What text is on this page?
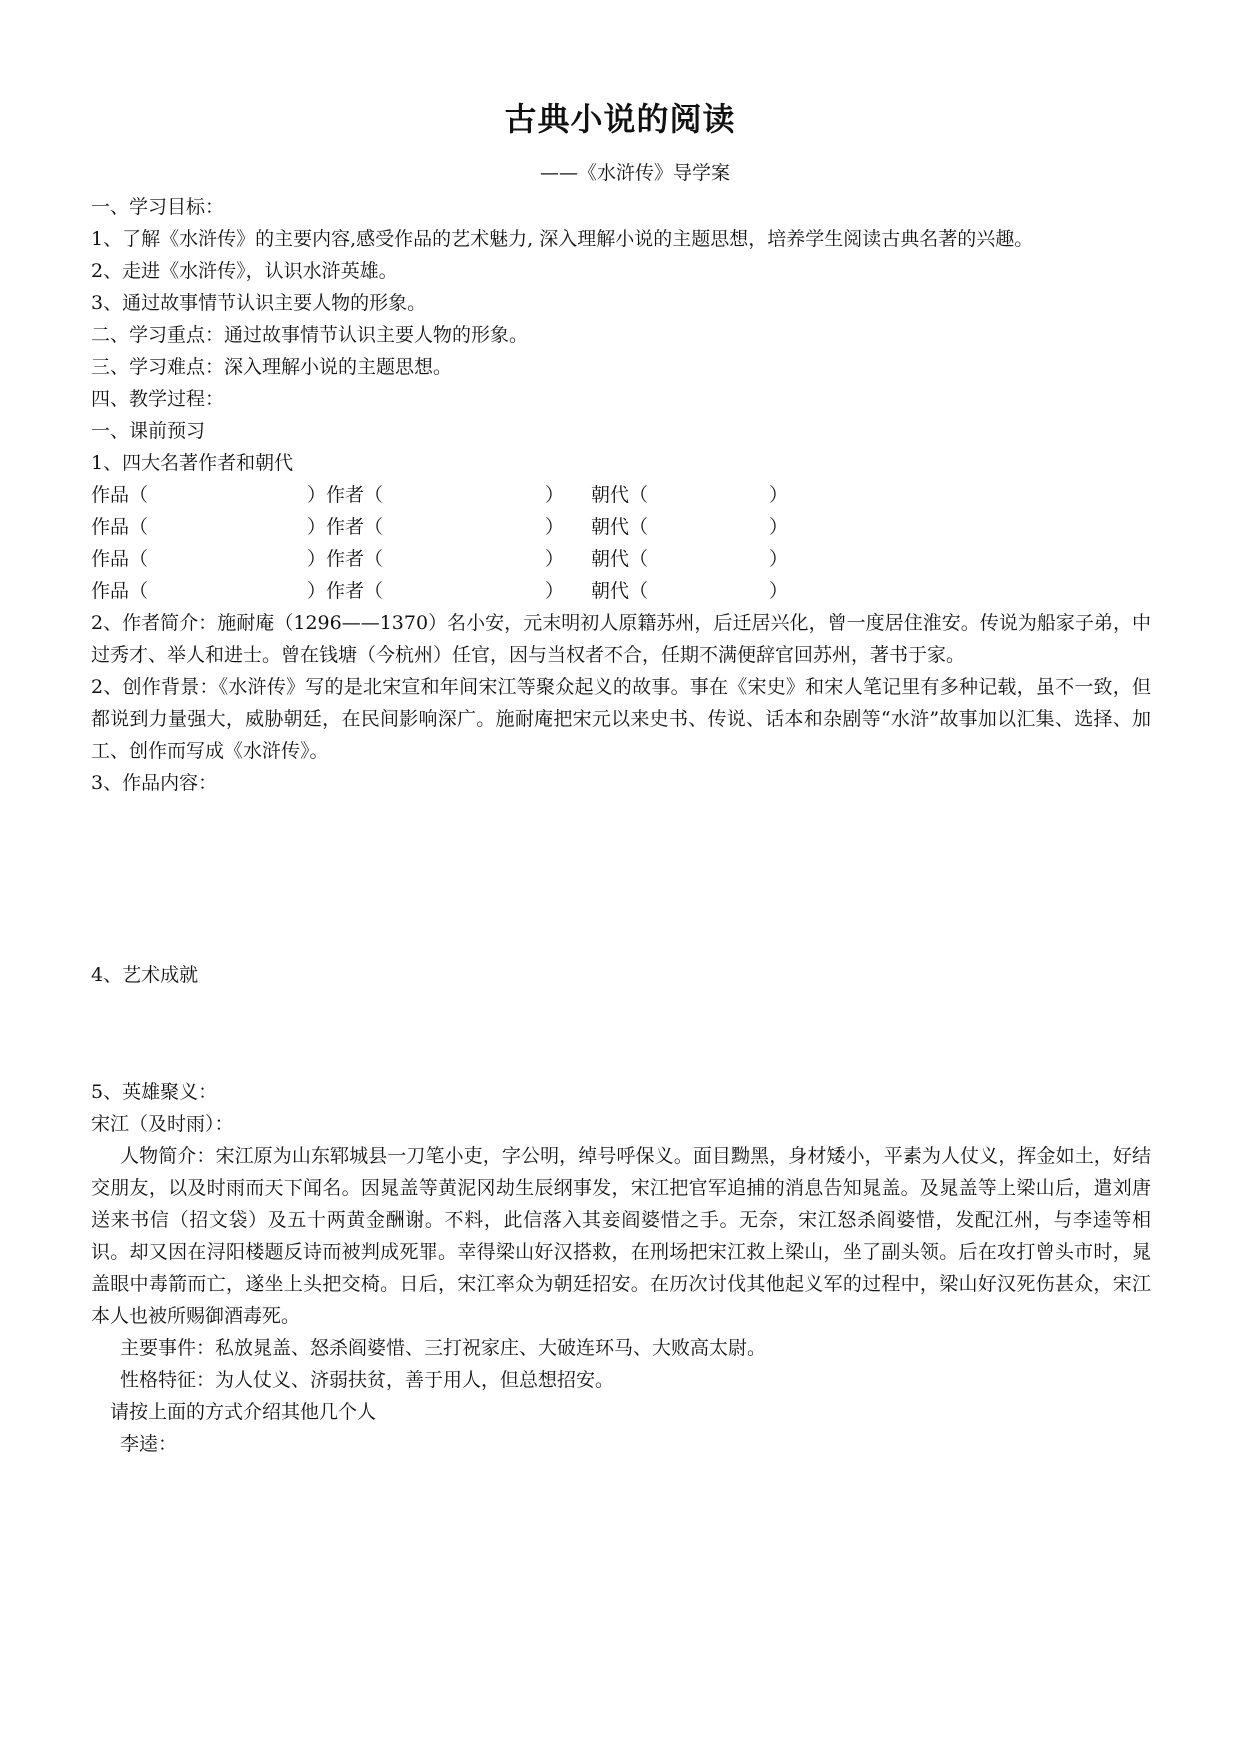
古典小说的阅读
——《水浒传》导学案
一、学习目标：
1、了解《水浒传》的主要内容,感受作品的艺术魅力, 深入理解小说的主题思想，培养学生阅读古典名著的兴趣。
2、走进《水浒传》，认识水浒英雄。
3、通过故事情节认识主要人物的形象。
二、学习重点：通过故事情节认识主要人物的形象。
三、学习难点：深入理解小说的主题思想。
四、教学过程：
一、课前预习
1、四大名著作者和朝代
作品（	）作者（	） 朝代（	）
作品（	）作者（	） 朝代（	）
作品（	）作者（	） 朝代（	）
作品（	）作者（	） 朝代（	）
2、作者简介：施耐庵（1296——1370）名小安，元末明初人原籍苏州，后迁居兴化，曾一度居住淮安。传说为船家子弟，中过秀才、举人和进士。曾在钱塘（今杭州）任官，因与当权者不合，任期不满便辞官回苏州，著书于家。
2、创作背景：《水浒传》写的是北宋宣和年间宋江等聚众起义的故事。事在《宋史》和宋人笔记里有多种记载，虽不一致，但都说到力量强大，威胁朝廷，在民间影响深广。施耐庵把宋元以来史书、传说、话本和杂剧等“水浒”故事加以汇集、选择、加工、创作而写成《水浒传》。
3、作品内容：
4、艺术成就
5、英雄聚义：
宋江（及时雨）：
人物简介：宋江原为山东郓城县一刀笔小吏，字公明，绰号呼保义。面目黝黑，身材矮小，平素为人仗义，挥金如土，好结交朋友，以及时雨而天下闻名。因晁盖等黄泥冈劫生辰纲事发，宋江把官军追捕的消息告知晁盖。及晁盖等上梁山后，遣刘唐送来书信（招文袋）及五十两黄金酬谢。不料，此信落入其妾阎婆惜之手。无奈，宋江怒杀阎婆惜，发配江州，与李逵等相识。却又因在浔阳楼题反诗而被判成死罪。幸得梁山好汉搭救，在刑场把宋江救上梁山，坐了副头领。后在攻打曾头市时，晁盖眼中毒箭而亡，遂坐上头把交椅。日后，宋江率众为朝廷招安。在历次讨伐其他起义军的过程中，梁山好汉死伤甚众，宋江本人也被所赐御酒毒死。
主要事件：私放晁盖、怒杀阎婆惜、三打祝家庄、大破连环马、大败高太尉。
性格特征：为人仗义、济弱扶贫，善于用人，但总想招安。
请按上面的方式介绍其他几个人
李逵：
